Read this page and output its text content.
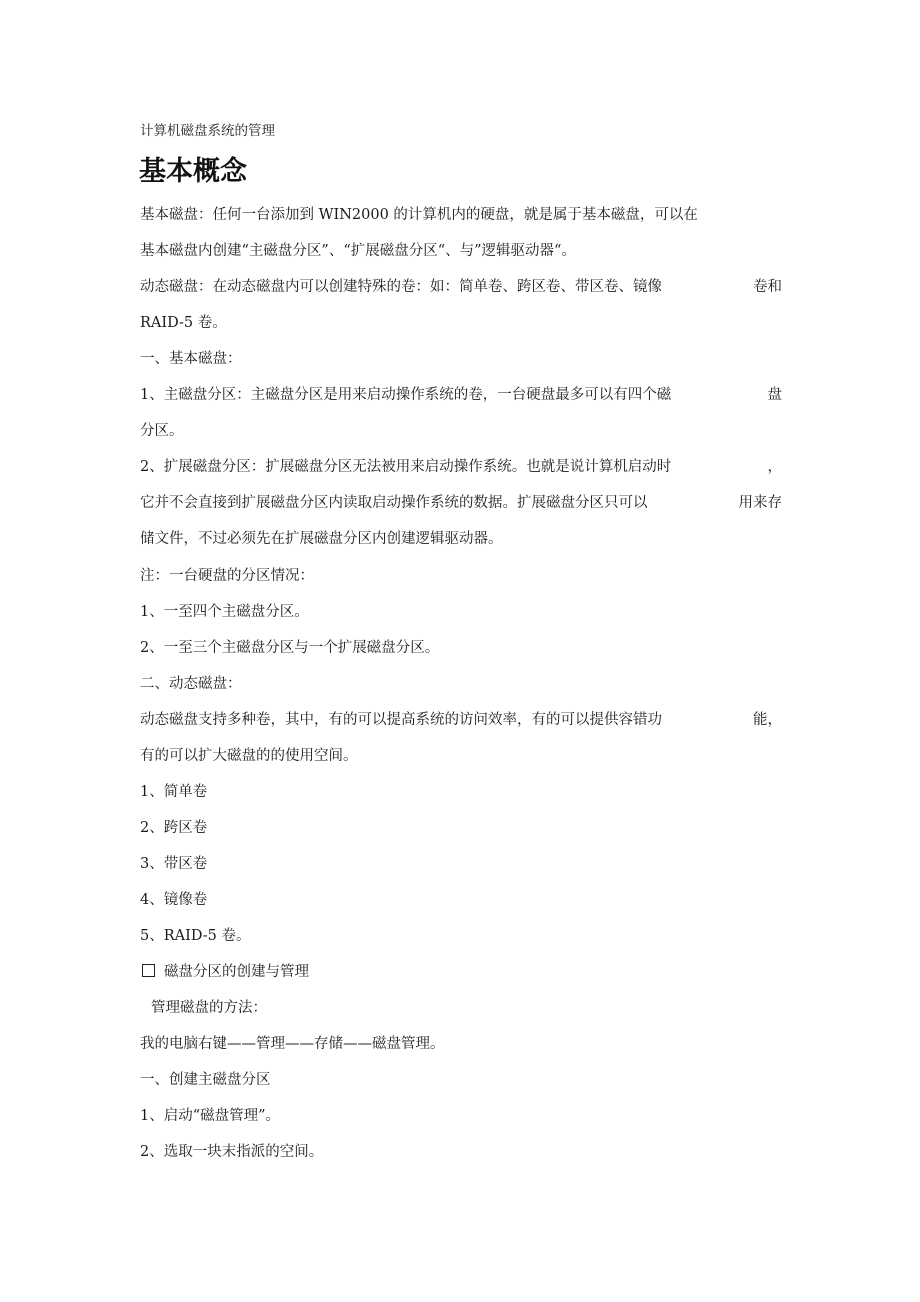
计算机磁盘系统的管理
基本概念
基本磁盘：任何一台添加到 WIN2000 的计算机内的硬盘，就是属于基本磁盘，可以在
基本磁盘内创建“主磁盘分区”、“扩展磁盘分区“、与”逻辑驱动器“。
动态磁盘：在动态磁盘内可以创建特殊的卷：如：简单卷、跨区卷、带区卷、镜像	卷和
RAID-5 卷。
一、基本磁盘：
1、主磁盘分区：主磁盘分区是用来启动操作系统的卷，一台硬盘最多可以有四个磁	盘
分区。
2、扩展磁盘分区：扩展磁盘分区无法被用来启动操作系统。也就是说计算机启动时	，
它并不会直接到扩展磁盘分区内读取启动操作系统的数据。扩展磁盘分区只可以	用来存
储文件，不过必须先在扩展磁盘分区内创建逻辑驱动器。
注：一台硬盘的分区情况：
1、一至四个主磁盘分区。
2、一至三个主磁盘分区与一个扩展磁盘分区。
二、动态磁盘：
动态磁盘支持多种卷，其中，有的可以提高系统的访问效率，有的可以提供容错功	能，
有的可以扩大磁盘的的使用空间。
1、简单卷
2、跨区卷
3、带区卷
4、镜像卷
5、RAID-5 卷。
磁盘分区的创建与管理
管理磁盘的方法：
我的电脑右键——管理——存储——磁盘管理。
一、创建主磁盘分区
1、启动“磁盘管理”。
2、选取一块末指派的空间。
